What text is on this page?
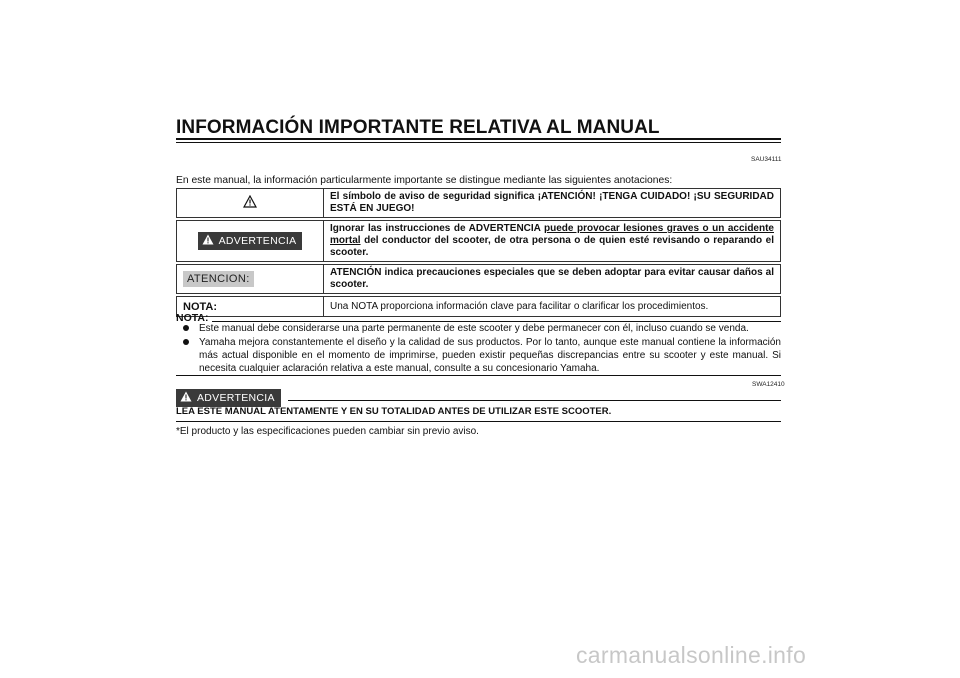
INFORMACIÓN IMPORTANTE RELATIVA AL MANUAL
SAU34111
En este manual, la información particularmente importante se distingue mediante las siguientes anotaciones:
	El símbolo de aviso de seguridad significa ¡ATENCIÓN! ¡TENGA CUIDADO! ¡SU SEGURIDAD ESTÁ EN JUEGO!

ADVERTENCIA	Ignorar las instrucciones de ADVERTENCIA puede provocar lesiones graves o un accidente mortal del conductor del scooter, de otra persona o de quien esté revisando o reparando el scooter.

ATENCION:	ATENCIÓN indica precauciones especiales que se deben adoptar para evitar causar daños al scooter.

NOTA:	Una NOTA proporciona información clave para facilitar o clarificar los procedimientos.
NOTA:
Este manual debe considerarse una parte permanente de este scooter y debe permanecer con él, incluso cuando se venda.
Yamaha mejora constantemente el diseño y la calidad de sus productos. Por lo tanto, aunque este manual contiene la información más actual disponible en el momento de imprimirse, pueden existir pequeñas discrepancias entre su scooter y este manual. Si necesita cualquier aclaración relativa a este manual, consulte a su concesionario Yamaha.
SWA12410
ADVERTENCIA
LEA ESTE MANUAL ATENTAMENTE Y EN SU TOTALIDAD ANTES DE UTILIZAR ESTE SCOOTER.
*El producto y las especificaciones pueden cambiar sin previo aviso.
carmanualsonline.info
